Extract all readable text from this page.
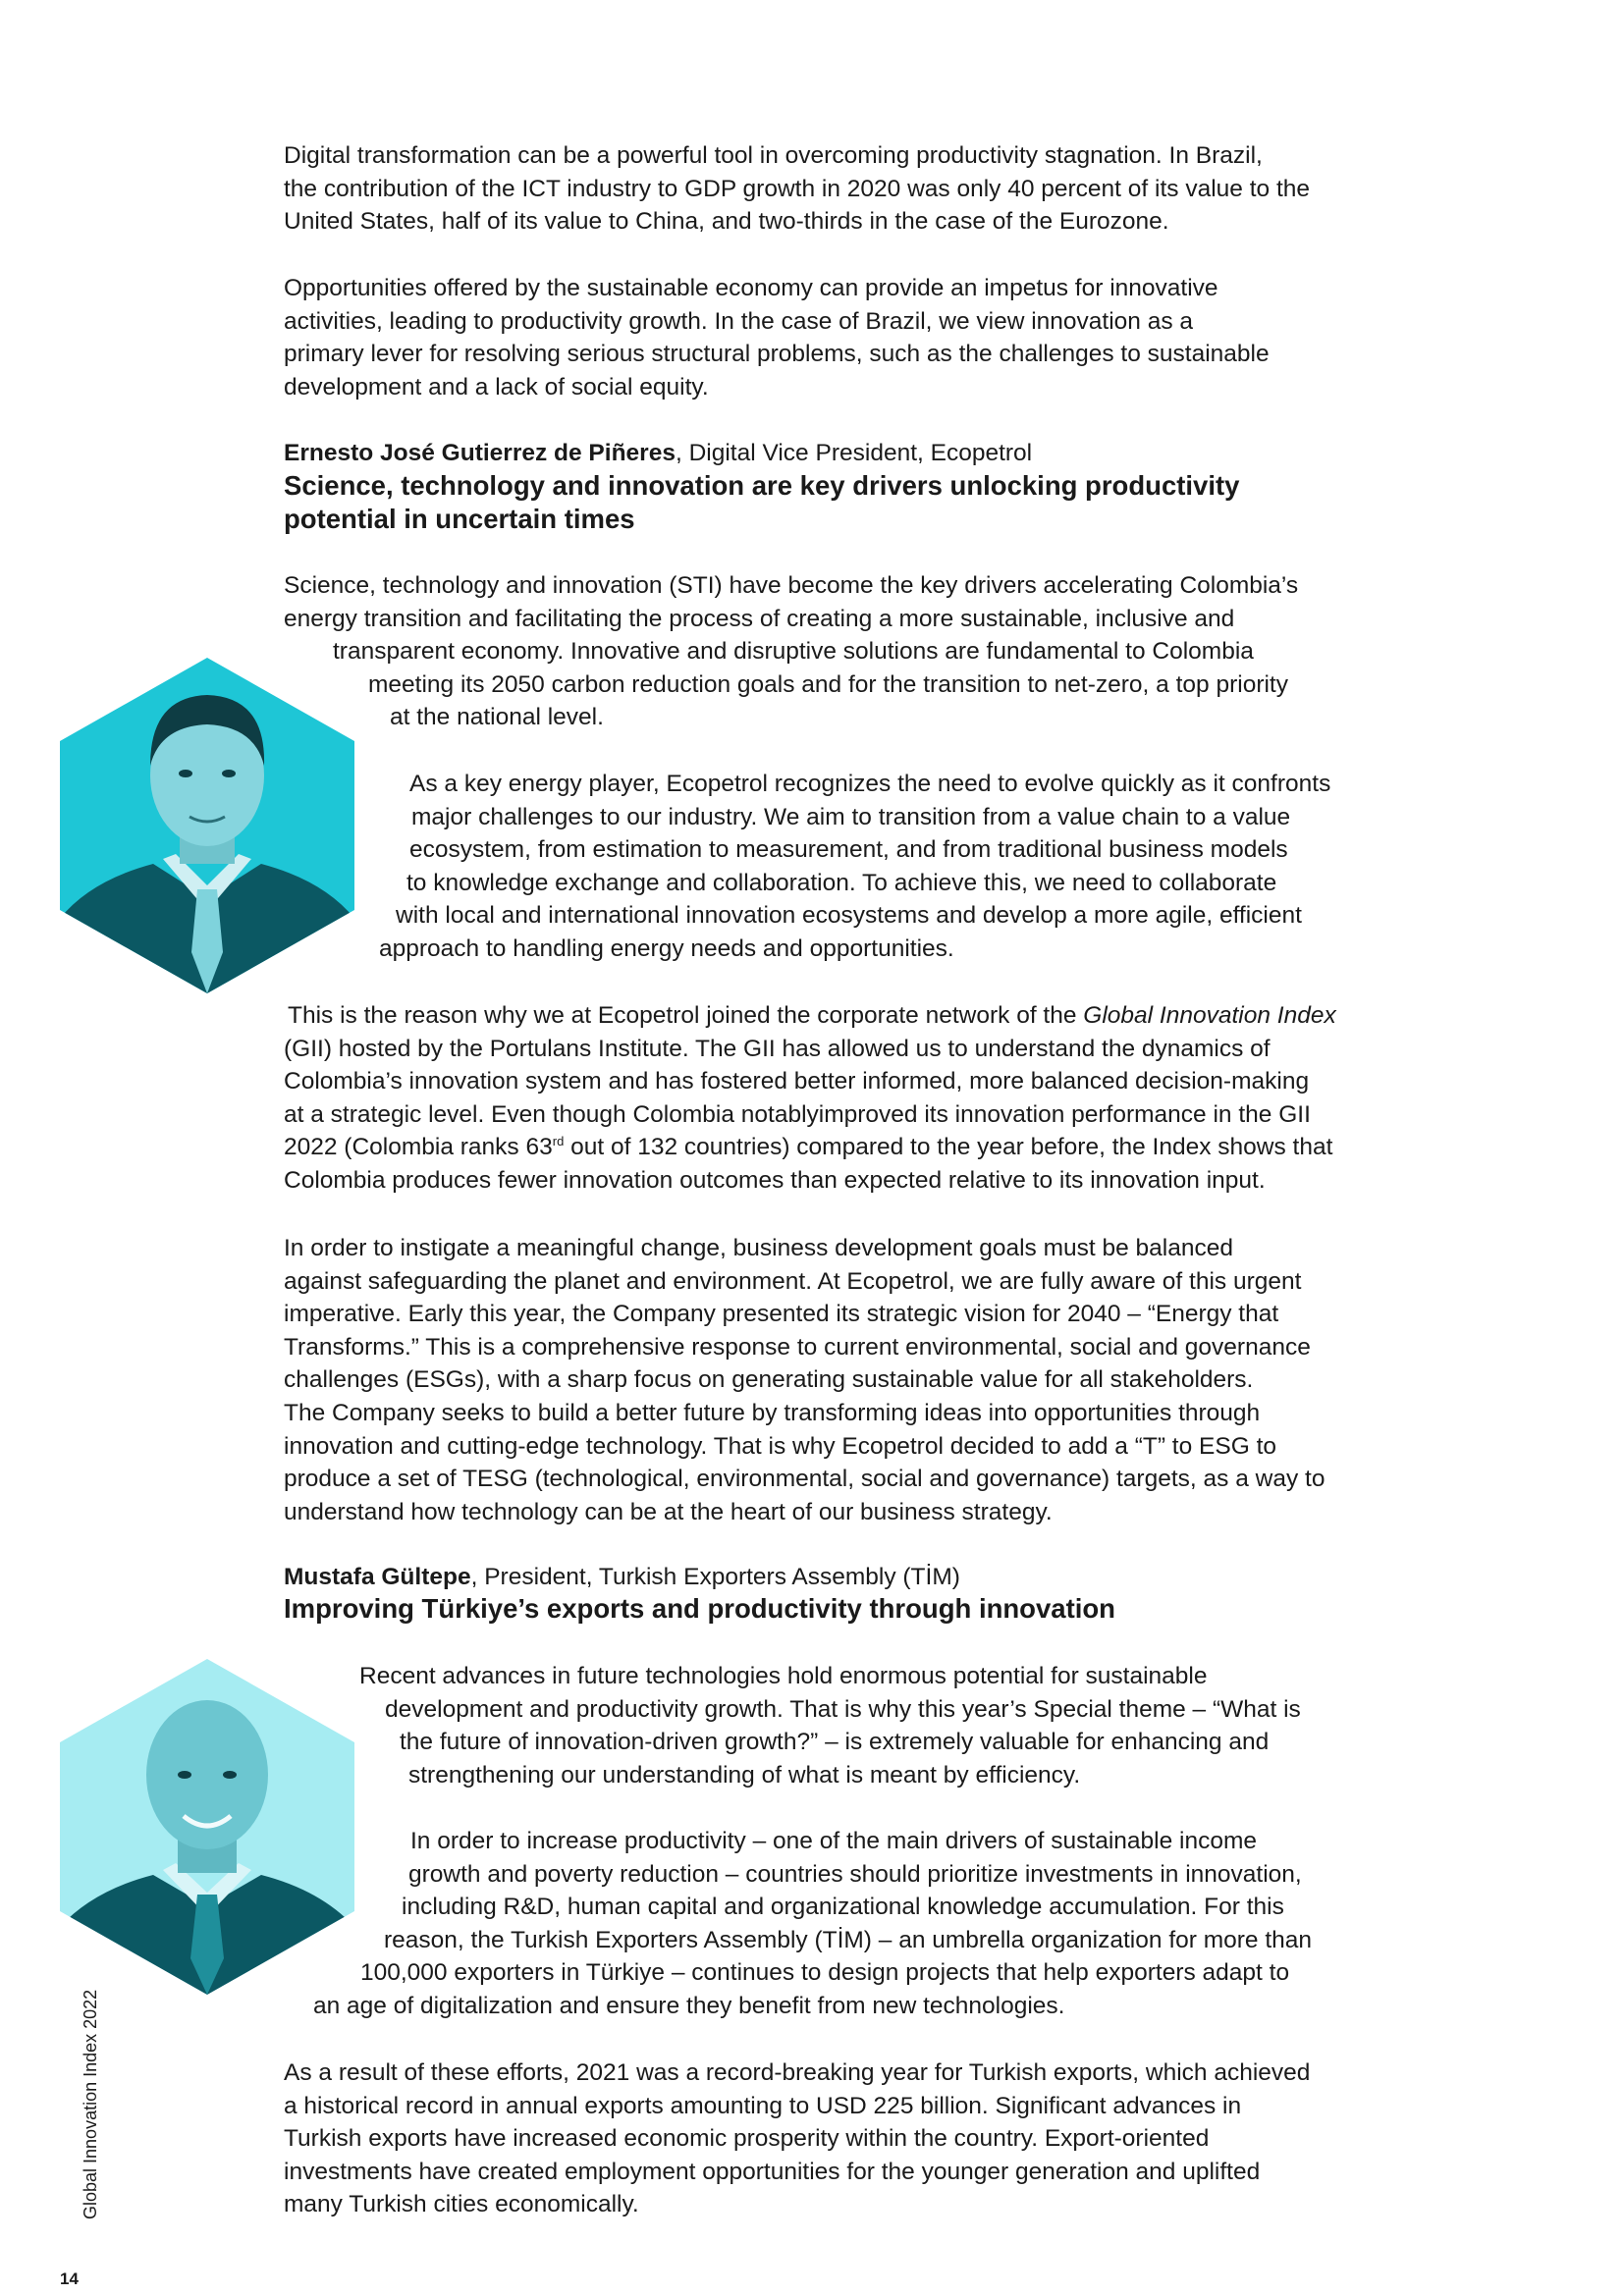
Digital transformation can be a powerful tool in overcoming productivity stagnation. In Brazil,
the contribution of the ICT industry to GDP growth in 2020 was only 40 percent of its value to the
United States, half of its value to China, and two-thirds in the case of the Eurozone.

Opportunities offered by the sustainable economy can provide an impetus for innovative
activities, leading to productivity growth. In the case of Brazil, we view innovation as a
primary lever for resolving serious structural problems, such as the challenges to sustainable
development and a lack of social equity.

Ernesto José Gutierrez de Piñeres, Digital Vice President, Ecopetrol

Science, technology and innovation are key drivers unlocking productivity
potential in uncertain times

Science, technology and innovation (STI) have become the key drivers accelerating Colombia’s
energy transition and facilitating the process of creating a more sustainable, inclusive and
transparent economy. Innovative and disruptive solutions are fundamental to Colombia
meeting its 2050 carbon reduction goals and for the transition to net-zero, a top priority
at the national level.

As a key energy player, Ecopetrol recognizes the need to evolve quickly as it confronts
major challenges to our industry. We aim to transition from a value chain to a value
ecosystem, from estimation to measurement, and from traditional business models
to knowledge exchange and collaboration. To achieve this, we need to collaborate
with local and international innovation ecosystems and develop a more agile, efficient
approach to handling energy needs and opportunities.

This is the reason why we at Ecopetrol joined the corporate network of the Global Innovation Index
(GII) hosted by the Portulans Institute. The GII has allowed us to understand the dynamics of
Colombia’s innovation system and has fostered better informed, more balanced decision-making
at a strategic level. Even though Colombia notablyimproved its innovation performance in the GII
2022 (Colombia ranks 63rd out of 132 countries) compared to the year before, the Index shows that
Colombia produces fewer innovation outcomes than expected relative to its innovation input.

In order to instigate a meaningful change, business development goals must be balanced
against safeguarding the planet and environment. At Ecopetrol, we are fully aware of this urgent
imperative. Early this year, the Company presented its strategic vision for 2040 – “Energy that
Transforms.” This is a comprehensive response to current environmental, social and governance
challenges (ESGs), with a sharp focus on generating sustainable value for all stakeholders.
The Company seeks to build a better future by transforming ideas into opportunities through
innovation and cutting-edge technology. That is why Ecopetrol decided to add a “T” to ESG to
produce a set of TESG (technological, environmental, social and governance) targets, as a way to
understand how technology can be at the heart of our business strategy.

Mustafa Gültepe, President, Turkish Exporters Assembly (TİM)

Improving Türkiye’s exports and productivity through innovation

Recent advances in future technologies hold enormous potential for sustainable
development and productivity growth. That is why this year’s Special theme – “What is
the future of innovation-driven growth?” – is extremely valuable for enhancing and
strengthening our understanding of what is meant by efficiency.

In order to increase productivity – one of the main drivers of sustainable income
growth and poverty reduction – countries should prioritize investments in innovation,
including R&D, human capital and organizational knowledge accumulation. For this
reason, the Turkish Exporters Assembly (TİM) – an umbrella organization for more than
100,000 exporters in Türkiye – continues to design projects that help exporters adapt to
an age of digitalization and ensure they benefit from new technologies.

As a result of these efforts, 2021 was a record-breaking year for Turkish exports, which achieved
a historical record in annual exports amounting to USD 225 billion. Significant advances in
Turkish exports have increased economic prosperity within the country. Export-oriented
investments have created employment opportunities for the younger generation and uplifted
many Turkish cities economically.

Global Innovation Index 2022
14
